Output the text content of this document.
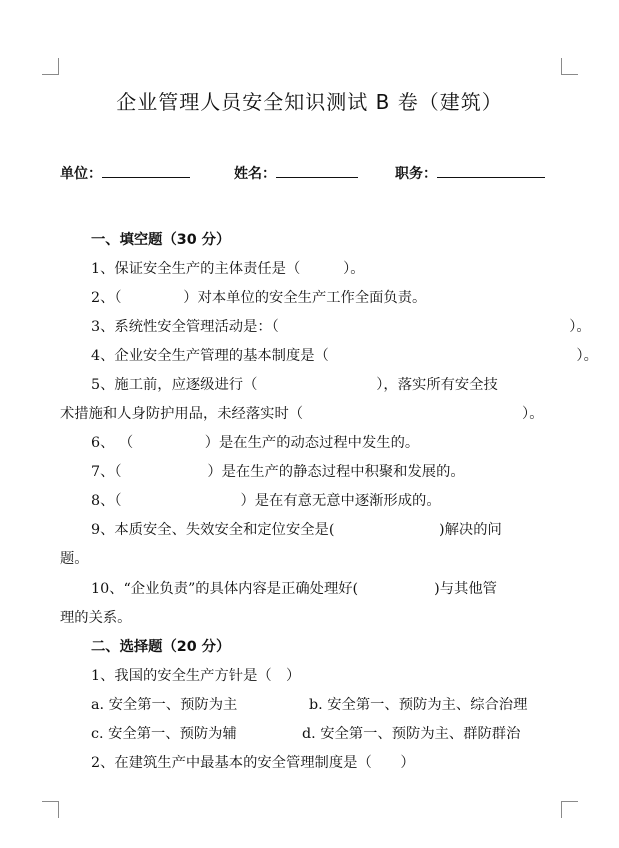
企业管理人员安全知识测试 B 卷（建筑）
单位：	姓名：	职务：
一、填空题（30 分）
1、保证安全生产的主体责任是（　　　）。
2、（　　　　 ）对本单位的安全生产工作全面负责。
3、系统性安全管理活动是：（　　　　　　　　　　　　　　　　　　　　 ）。
4、企业安全生产管理的基本制度是（　　　　　　　　　　　　　　　　　 ）。
5、施工前，应逐级进行（　　　　　　　　 ），落实所有安全技
术措施和人身防护用品，未经落实时（　　　　　　　　　　　　　　　 ）。
6、 （　　　　　）是在生产的动态过程中发生的。
7、（　　　　　　）是在生产的静态过程中积聚和发展的。
8、（　　　　　　　　 ）是在有意无意中逐渐形成的。
9、本质安全、失效安全和定位安全是(　　　　　　　 )解决的问
题。
10、“企业负责”的具体内容是正确处理好(　　　　　 )与其他管
理的关系。
二、选择题（20 分）
1、我国的安全生产方针是（　）
a. 安全第一、预防为主	b. 安全第一、预防为主、综合治理
c. 安全第一、预防为辅	d. 安全第一、预防为主、群防群治
2、在建筑生产中最基本的安全管理制度是（　　）
